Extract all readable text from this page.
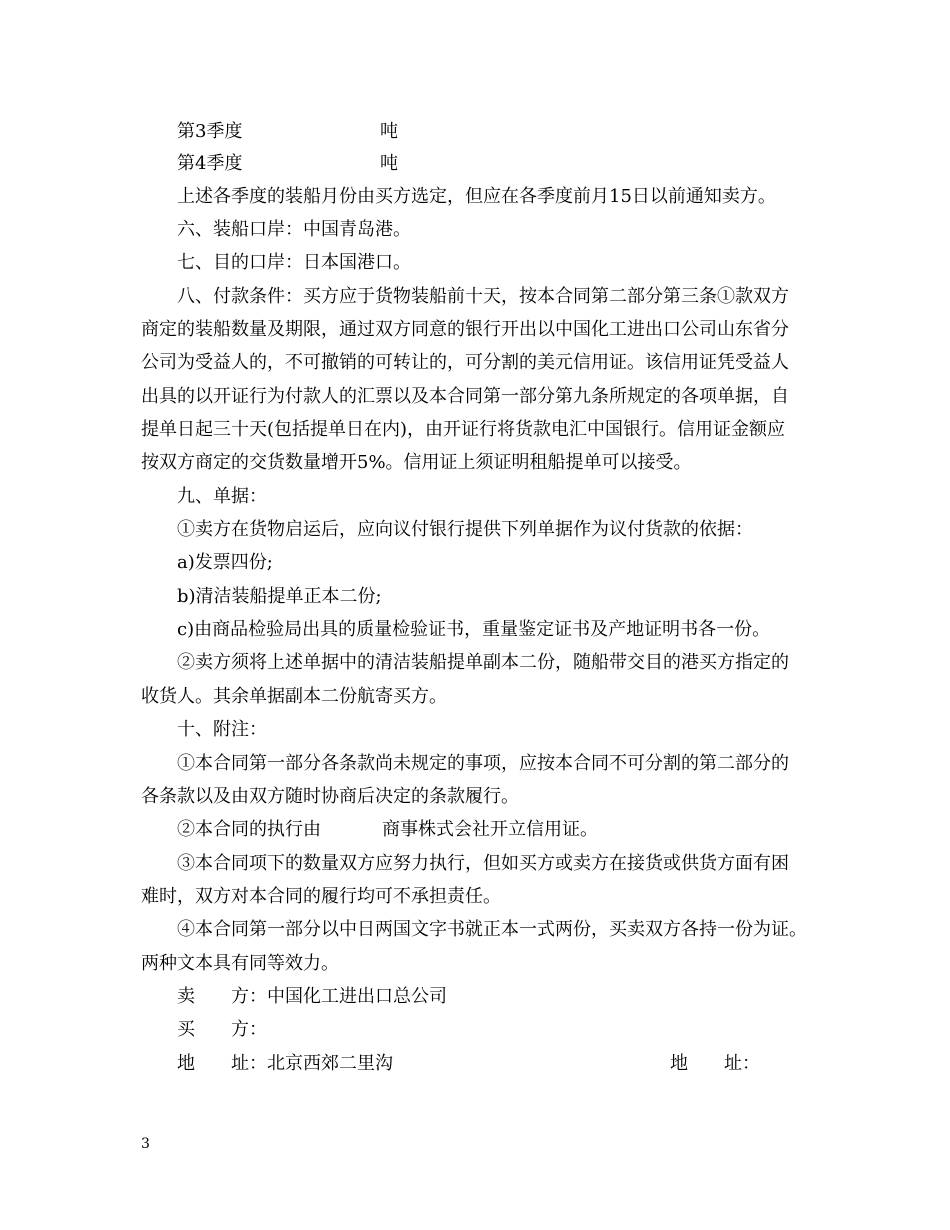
第3季度	吨
第4季度	吨
上述各季度的装船月份由买方选定，但应在各季度前月15日以前通知卖方。
六、装船口岸：中国青岛港。
七、目的口岸：日本国港口。
八、付款条件：买方应于货物装船前十天，按本合同第二部分第三条①款双方
商定的装船数量及期限，通过双方同意的银行开出以中国化工进出口公司山东省分
公司为受益人的，不可撤销的可转让的，可分割的美元信用证。该信用证凭受益人
出具的以开证行为付款人的汇票以及本合同第一部分第九条所规定的各项单据，自
提单日起三十天(包括提单日在内)，由开证行将货款电汇中国银行。信用证金额应
按双方商定的交货数量增开5%。信用证上须证明租船提单可以接受。
九、单据：
①卖方在货物启运后，应向议付银行提供下列单据作为议付货款的依据：
a)发票四份;
b)清洁装船提单正本二份;
c)由商品检验局出具的质量检验证书，重量鉴定证书及产地证明书各一份。
②卖方须将上述单据中的清洁装船提单副本二份，随船带交目的港买方指定的
收货人。其余单据副本二份航寄买方。
十、附注：
①本合同第一部分各条款尚未规定的事项，应按本合同不可分割的第二部分的
各条款以及由双方随时协商后决定的条款履行。
②本合同的执行由	商事株式会社开立信用证。
③本合同项下的数量双方应努力执行，但如买方或卖方在接货或供货方面有困
难时，双方对本合同的履行均可不承担责任。
④本合同第一部分以中日两国文字书就正本一式两份，买卖双方各持一份为证。
两种文本具有同等效力。
卖　　方：中国化工进出口总公司
买　　方：
地　　址：北京西郊二里沟	地　　址：
3
